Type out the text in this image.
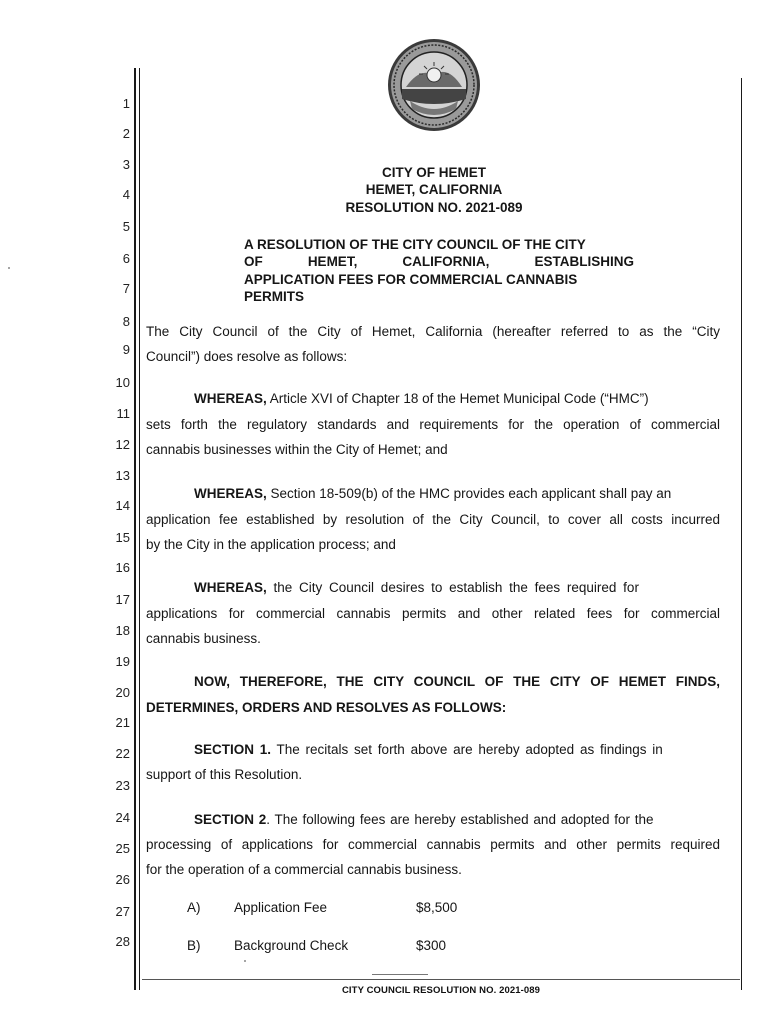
1
2
3
4
5
6
7
8
9
10
11
12
13
14
15
16
17
18
19
20
21
22
23
24
25
26
27
28
CITY OF HEMET
HEMET, CALIFORNIA
RESOLUTION NO. 2021-089
A RESOLUTION OF THE CITY COUNCIL OF THE CITY
OF	HEMET,	CALIFORNIA,	ESTABLISHING
APPLICATION FEES FOR COMMERCIAL CANNABIS
PERMITS
The City Council of the City of Hemet, California (hereafter referred to as the “City
Council”) does resolve as follows:
WHEREAS, Article XVI of Chapter 18 of the Hemet Municipal Code (“HMC”)
sets forth the regulatory standards and requirements for the operation of commercial
cannabis businesses within the City of Hemet; and
WHEREAS, Section 18-509(b) of the HMC provides each applicant shall pay an
application fee established by resolution of the City Council, to cover all costs incurred
by the City in the application process; and
WHEREAS, the City Council desires to establish the fees required for
applications for commercial cannabis permits and other related fees for commercial
cannabis business.
NOW, THEREFORE, THE CITY COUNCIL OF THE CITY OF HEMET FINDS,
DETERMINES, ORDERS AND RESOLVES AS FOLLOWS:
SECTION 1. The recitals set forth above are hereby adopted as findings in
support of this Resolution.
SECTION 2. The following fees are hereby established and adopted for the
processing of applications for commercial cannabis permits and other permits required
for the operation of a commercial cannabis business.
A) Application Fee	$8,500
B) Background Check	$300
CITY COUNCIL RESOLUTION NO. 2021-089
